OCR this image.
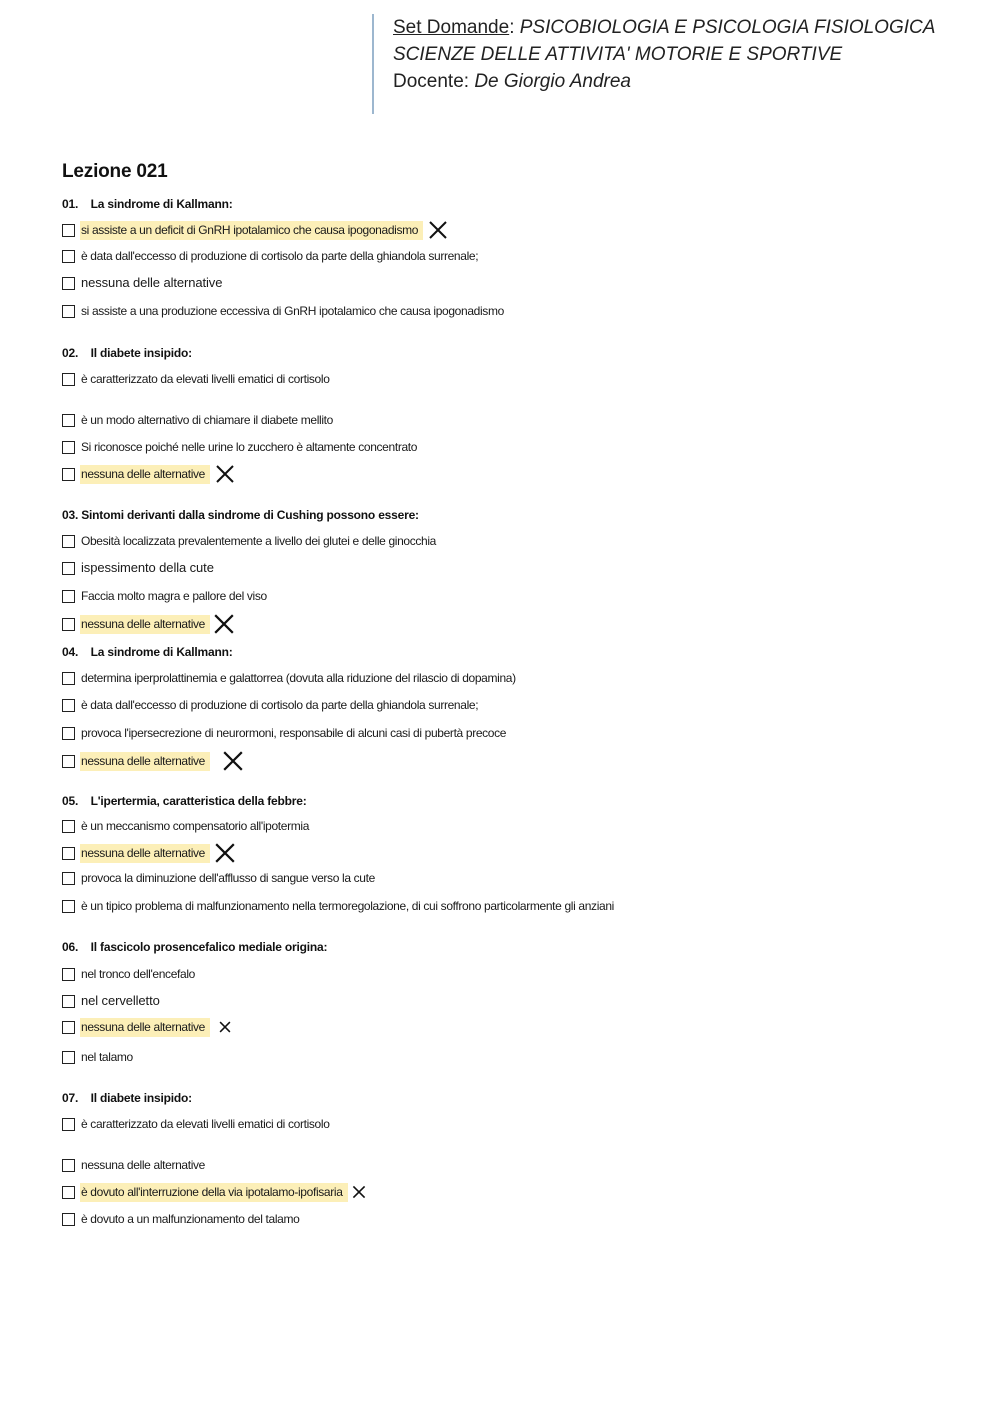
Set Domande: PSICOBIOLOGIA E PSICOLOGIA FISIOLOGICA
SCIENZE DELLE ATTIVITA' MOTORIE E SPORTIVE
Docente: De Giorgio Andrea
Lezione 021
01. La sindrome di Kallmann:
si assiste a un deficit di GnRH ipotalamico che causa ipogonadismo
è data dall'eccesso di produzione di cortisolo da parte della ghiandola surrenale;
nessuna delle alternative
si assiste a una produzione eccessiva di GnRH ipotalamico che causa ipogonadismo
02. Il diabete insipido:
è caratterizzato da elevati livelli ematici di cortisolo
è un modo alternativo di chiamare il diabete mellito
Si riconosce poiché nelle urine lo zucchero è altamente concentrato
nessuna delle alternative
03. Sintomi derivanti dalla sindrome di Cushing possono essere:
Obesità localizzata prevalentemente a livello dei glutei e delle ginocchia
ispessimento della cute
Faccia molto magra e pallore del viso
nessuna delle alternative
04. La sindrome di Kallmann:
determina iperprolattinemia e galattorrea (dovuta alla riduzione del rilascio di dopamina)
è data dall'eccesso di produzione di cortisolo da parte della ghiandola surrenale;
provoca l'ipersecrezione di neurormoni, responsabile di alcuni casi di pubertà precoce
nessuna delle alternative
05. L'ipertermia, caratteristica della febbre:
è un meccanismo compensatorio all'ipotermia
nessuna delle alternative
provoca la diminuzione dell'afflusso di sangue verso la cute
è un tipico problema di malfunzionamento nella termoregolazione, di cui soffrono particolarmente gli anziani
06. Il fascicolo prosencefalico mediale origina:
nel tronco dell'encefalo
nel cervelletto
nessuna delle alternative
nel talamo
07. Il diabete insipido:
è caratterizzato da elevati livelli ematici di cortisolo
nessuna delle alternative
è dovuto all'interruzione della via ipotalamo-ipofisaria
è dovuto a un malfunzionamento del talamo
